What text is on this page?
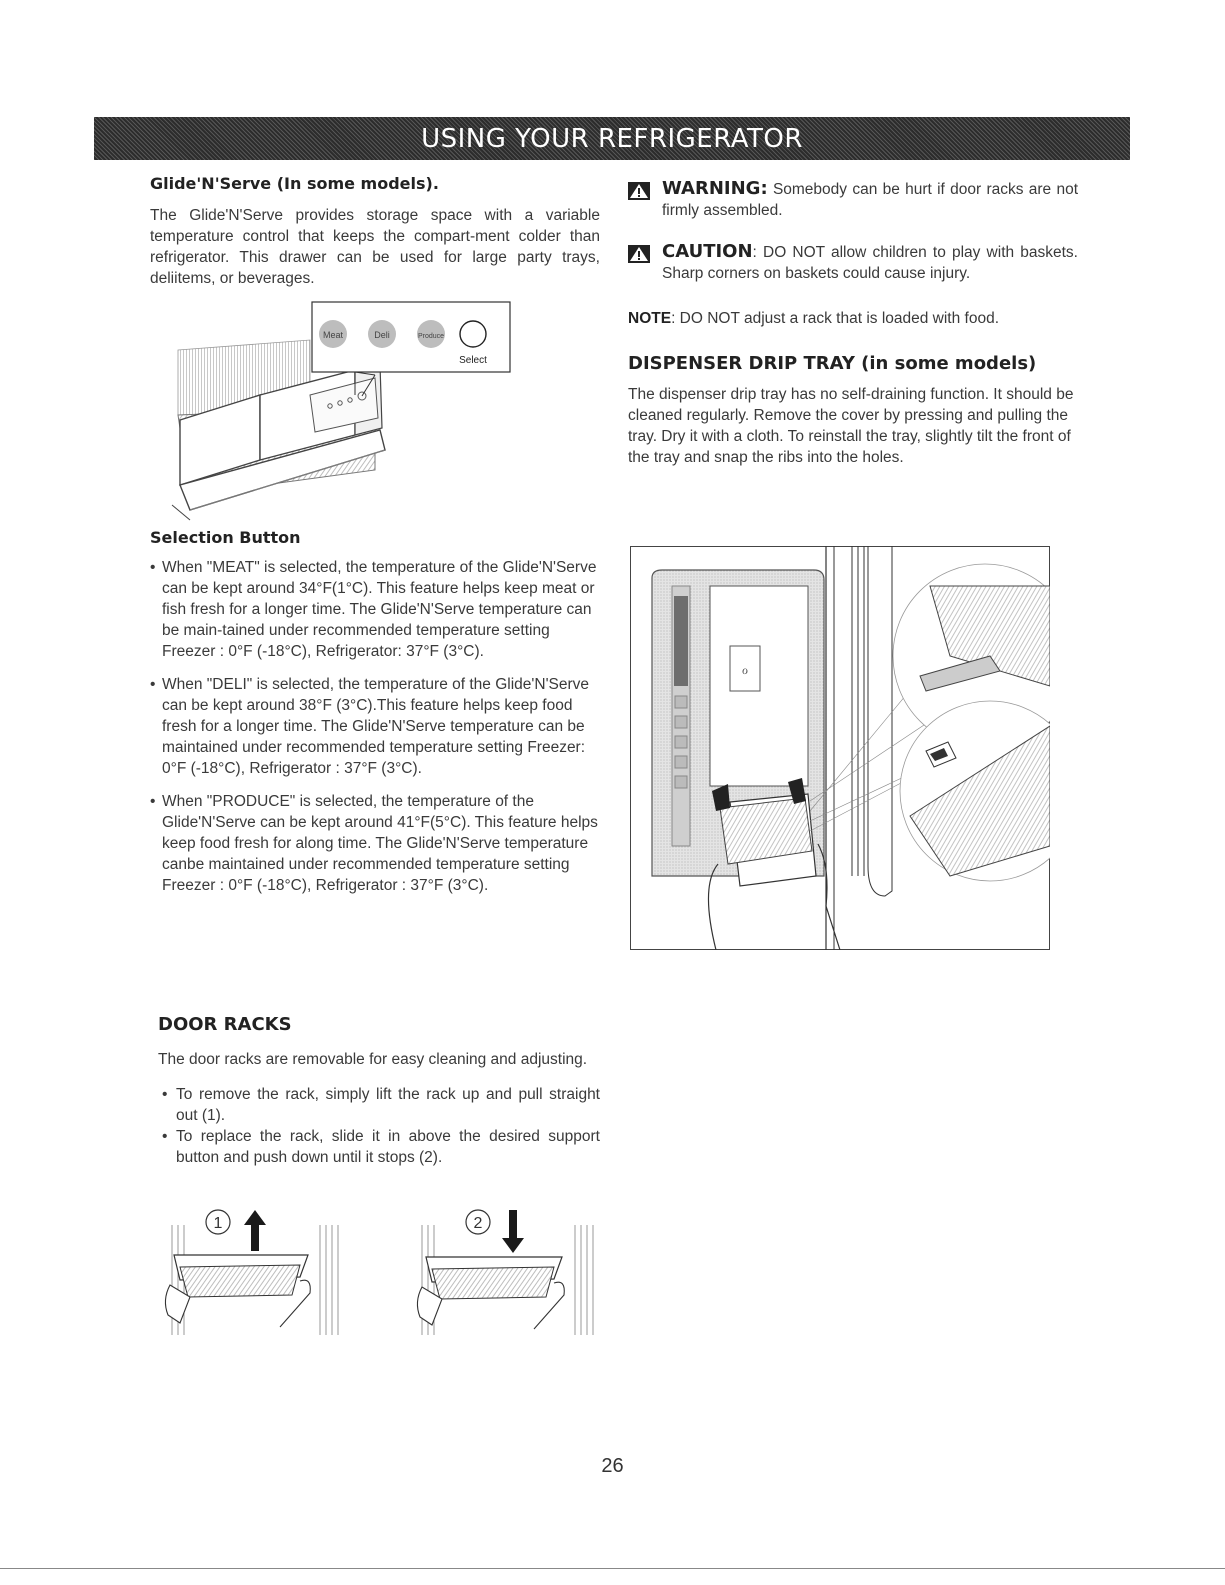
USING YOUR REFRIGERATOR

Glide'N'Serve (In some models).

The Glide'N'Serve provides storage space with a variable temperature control that keeps the compart-ment colder than refrigerator. This drawer can be used for large party trays, deliitems, or beverages.

Meat	Deli	Produce
Select

Selection Button

• When "MEAT" is selected, the temperature of the Glide'N'Serve can be kept around 34°F(1°C). This feature helps keep meat or fish fresh for a longer time. The Glide'N'Serve temperature can be main-tained under recommended temperature setting Freezer : 0°F (-18°C), Refrigerator: 37°F (3°C).
• When "DELI" is selected, the temperature of the Glide'N'Serve can be kept around 38°F (3°C).This feature helps keep food fresh for a longer time. The Glide'N'Serve temperature can be maintained under recommended temperature setting Freezer: 0°F (-18°C), Refrigerator : 37°F (3°C).
• When "PRODUCE" is selected, the temperature of the Glide'N'Serve can be kept around 41°F(5°C). This feature helps keep food fresh for along time. The Glide'N'Serve temperature canbe maintained under recommended temperature setting Freezer : 0°F (-18°C), Refrigerator : 37°F (3°C).

DOOR RACKS

The door racks are removable for easy cleaning and adjusting.

• To remove the rack, simply lift the rack up and pull straight out (1).
• To replace the rack, slide it in above the desired support button and push down until it stops (2).
1	2
WARNING: Somebody can be hurt if door racks are not firmly assembled.
CAUTION: DO NOT allow children to play with baskets. Sharp corners on baskets could cause injury.

NOTE: DO NOT adjust a rack that is loaded with food.

DISPENSER DRIP TRAY (in some models)

The dispenser drip tray has no self-draining function. It should be cleaned regularly. Remove the cover by pressing and pulling the tray. Dry it with a cloth. To reinstall the tray, slightly tilt the front of the tray and snap the ribs into the holes.

ℴ
26
